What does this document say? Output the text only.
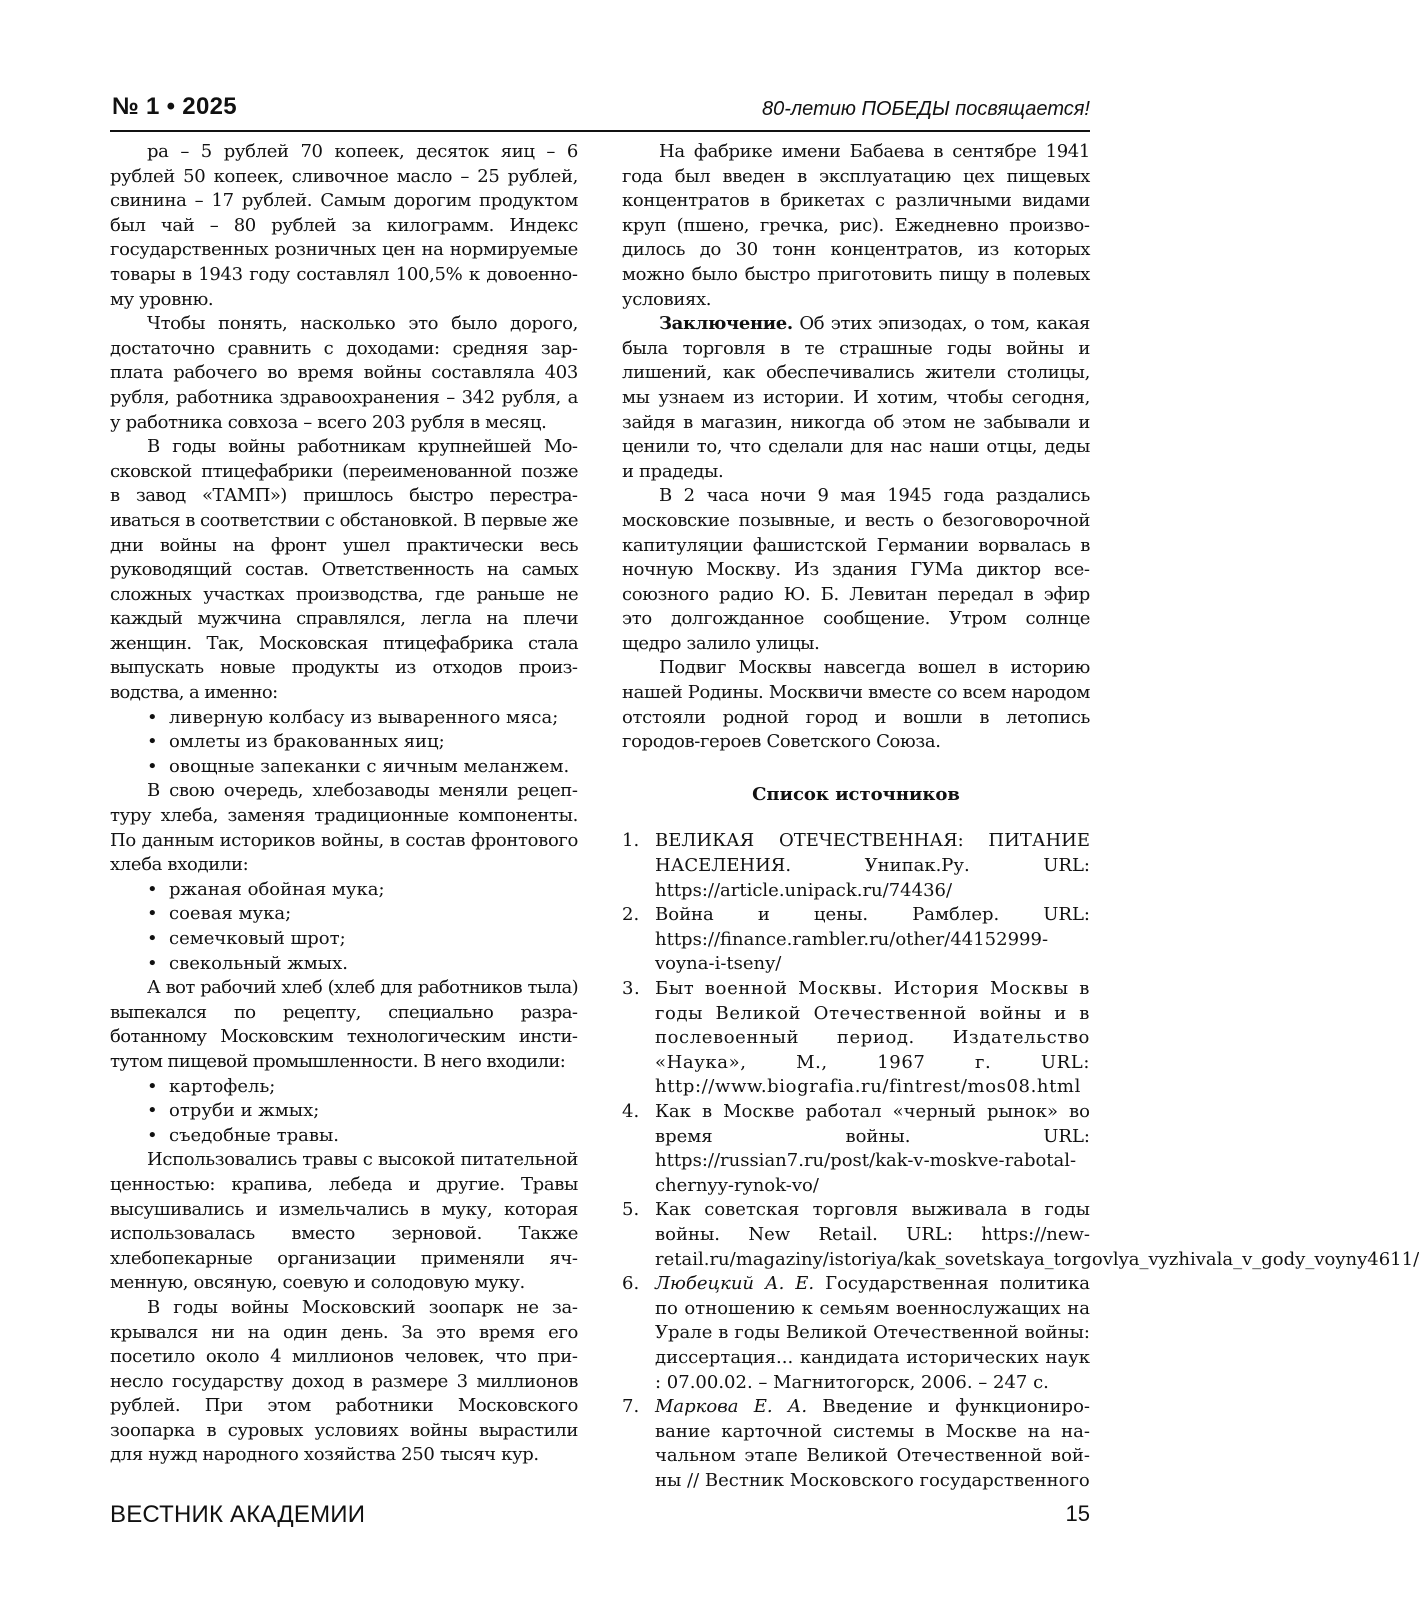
№ 1 • 2025	80-летию ПОБЕДЫ посвящается!

ра – 5 рублей 70 копеек, десяток яиц – 6 рублей 50 копеек, сливочное масло – 25 рублей, свинина – 17 рублей. Самым дорогим продуктом был чай – 80 рублей за килограмм. Индекс государственных розничных цен на нормируемые товары в 1943 году составлял 100,5% к довоенному уровню.

Чтобы понять, насколько это было дорого, достаточно сравнить с доходами: средняя зарплата рабочего во время войны составляла 403 рубля, работника здравоохранения – 342 рубля, а у работника совхоза – всего 203 рубля в месяц.

В годы войны работникам крупнейшей Московской птицефабрики (переименованной позже в завод «ТАМП») пришлось быстро перестраиваться в соответствии с обстановкой. В первые же дни войны на фронт ушел практически весь руководящий состав. Ответственность на самых сложных участках производства, где раньше не каждый мужчина справлялся, легла на плечи женщин. Так, Московская птицефабрика стала выпускать новые продукты из отходов производства, а именно:

• ливерную колбасу из вываренного мяса;
• омлеты из бракованных яиц;
• овощные запеканки с яичным меланжем.

В свою очередь, хлебозаводы меняли рецептуру хлеба, заменяя традиционные компоненты. По данным историков войны, в состав фронтового хлеба входили:

• ржаная обойная мука;
• соевая мука;
• семечковый шрот;
• свекольный жмых.

А вот рабочий хлеб (хлеб для работников тыла) выпекался по рецепту, специально разработанному Московским технологическим институтом пищевой промышленности. В него входили:

• картофель;
• отруби и жмых;
• съедобные травы.

Использовались травы с высокой питательной ценностью: крапива, лебеда и другие. Травы высушивались и измельчались в муку, которая использовалась вместо зерновой. Также хлебопекарные организации применяли ячменную, овсяную, соевую и солодовую муку.

В годы войны Московский зоопарк не закрывался ни на один день. За это время его посетило около 4 миллионов человек, что принесло государству доход в размере 3 миллионов рублей. При этом работники Московского зоопарка в суровых условиях войны вырастили для нужд народного хозяйства 250 тысяч кур.

На фабрике имени Бабаева в сентябре 1941 года был введен в эксплуатацию цех пищевых концентратов в брикетах с различными видами круп (пшено, гречка, рис). Ежедневно производилось до 30 тонн концентратов, из которых можно было быстро приготовить пищу в полевых условиях.

Заключение. Об этих эпизодах, о том, какая была торговля в те страшные годы войны и лишений, как обеспечивались жители столицы, мы узнаем из истории. И хотим, чтобы сегодня, зайдя в магазин, никогда об этом не забывали и ценили то, что сделали для нас наши отцы, деды и прадеды.

В 2 часа ночи 9 мая 1945 года раздались московские позывные, и весть о безоговорочной капитуляции фашистской Германии ворвалась в ночную Москву. Из здания ГУМа диктор всесоюзного радио Ю. Б. Левитан передал в эфир это долгожданное сообщение. Утром солнце щедро залило улицы.

Подвиг Москвы навсегда вошел в историю нашей Родины. Москвичи вместе со всем народом отстояли родной город и вошли в летопись городов-героев Советского Союза.

Список источников
1. ВЕЛИКАЯ ОТЕЧЕСТВЕННАЯ: ПИТАНИЕ НАСЕЛЕНИЯ. Унипак.Ру. URL: https://article.unipack.ru/74436/
2. Война и цены. Рамблер. URL: https://finance.rambler.ru/other/44152999-voyna-i-tseny/
3. Быт военной Москвы. История Москвы в годы Великой Отечественной войны и в послевоенный период. Издательство «Наука», М., 1967 г. URL: http://www.biografia.ru/fintrest/mos08.html
4. Как в Москве работал «черный рынок» во время войны. URL: https://russian7.ru/post/kak-v-moskve-rabotal-chernyy-rynok-vo/
5. Как советская торговля выживала в годы войны. New Retail. URL: https://new-retail.ru/magaziny/istoriya/kak_sovetskaya_torgovlya_vyzhivala_v_gody_voyny4611/
6. Любецкий А. Е. Государственная политика по отношению к семьям военнослужащих на Урале в годы Великой Отечественной войны: диссертация... кандидата исторических наук : 07.00.02. – Магнитогорск, 2006. – 247 с.
7. Маркова Е. А. Введение и функционирование карточной системы в Москве на начальном этапе Великой Отечественной войны // Вестник Московского государственного
ВЕСТНИК АКАДЕМИИ	15
